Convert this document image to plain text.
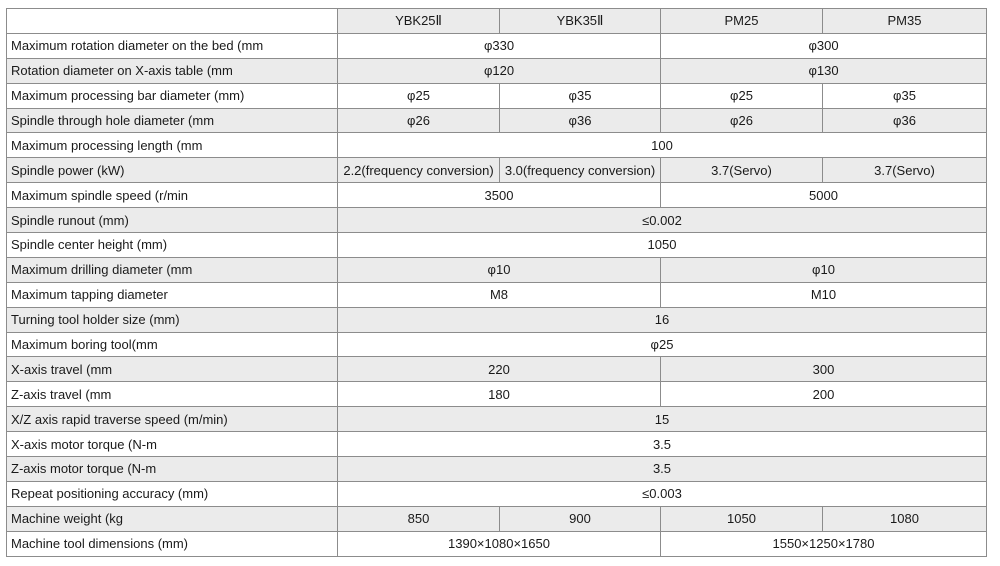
	YBK25Ⅱ	YBK35Ⅱ	PM25	PM35
Maximum rotation diameter on the bed (mm	φ330		φ300	
Rotation diameter on X-axis table (mm	φ120		φ130	
Maximum processing bar diameter (mm)	φ25	φ35	φ25	φ35
Spindle through hole diameter (mm	φ26	φ36	φ26	φ36
Maximum processing length (mm	100			
Spindle power (kW)	2.2(frequency conversion)	3.0(frequency conversion)	3.7(Servo)	3.7(Servo)
Maximum spindle speed (r/min	3500		5000	
Spindle runout (mm)	≤0.002			
Spindle center height (mm)	1050			
Maximum drilling diameter (mm	φ10		φ10	
Maximum tapping diameter	M8		M10	
Turning tool holder size (mm)	16			
Maximum boring tool(mm	φ25			
X-axis travel (mm	220		300	
Z-axis travel (mm	180		200	
X/Z axis rapid traverse speed (m/min)	15			
X-axis motor torque (N-m	3.5			
Z-axis motor torque (N-m	3.5			
Repeat positioning accuracy (mm)	≤0.003			
Machine weight (kg	850	900	1050	1080
Machine tool dimensions (mm)	1390×1080×1650		1550×1250×1780	
